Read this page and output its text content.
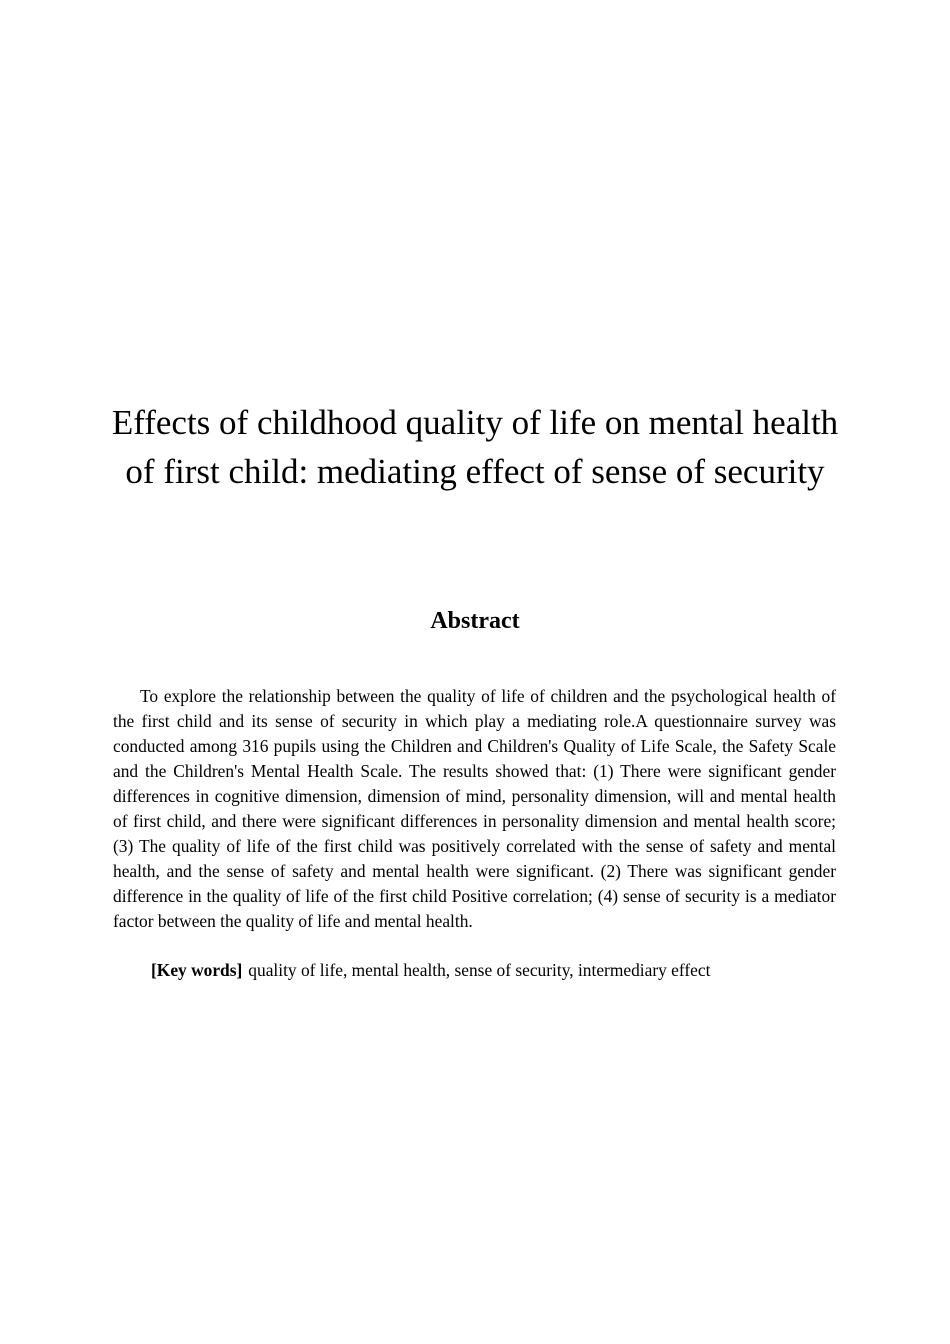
Effects of childhood quality of life on mental health of first child: mediating effect of sense of security
Abstract

To explore the relationship between the quality of life of children and the psychological health of the first child and its sense of security in which play a mediating role.A questionnaire survey was conducted among 316 pupils using the Children and Children's Quality of Life Scale, the Safety Scale and the Children's Mental Health Scale. The results showed that: (1) There were significant gender differences in cognitive dimension, dimension of mind, personality dimension, will and mental health of first child, and there were significant differences in personality dimension and mental health score; (3) The quality of life of the first child was positively correlated with the sense of safety and mental health, and the sense of safety and mental health were significant. (2) There was significant gender difference in the quality of life of the first child Positive correlation; (4) sense of security is a mediator factor between the quality of life and mental health.

[Key words] quality of life, mental health, sense of security, intermediary effect
